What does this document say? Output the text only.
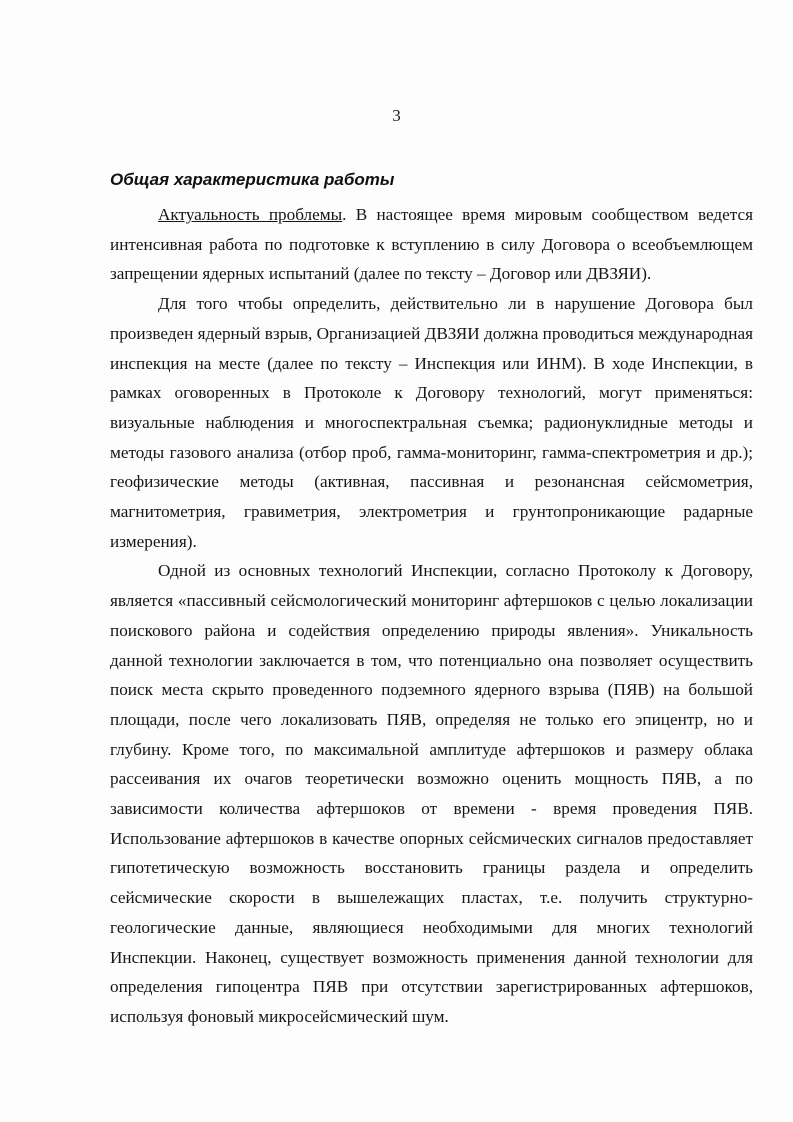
3
Общая характеристика работы

Актуальность проблемы. В настоящее время мировым сообществом ведется интенсивная работа по подготовке к вступлению в силу Договора о всеобъемлющем запрещении ядерных испытаний (далее по тексту – Договор или ДВЗЯИ).

Для того чтобы определить, действительно ли в нарушение Договора был произведен ядерный взрыв, Организацией ДВЗЯИ должна проводиться международная инспекция на месте (далее по тексту – Инспекция или ИНМ). В ходе Инспекции, в рамках оговоренных в Протоколе к Договору технологий, могут применяться: визуальные наблюдения и многоспектральная съемка; радионуклидные методы и методы газового анализа (отбор проб, гамма-мониторинг, гамма-спектрометрия и др.); геофизические методы (активная, пассивная и резонансная сейсмометрия, магнитометрия, гравиметрия, электрометрия и грунтопроникающие радарные измерения).

Одной из основных технологий Инспекции, согласно Протоколу к Договору, является «пассивный сейсмологический мониторинг афтершоков с целью локализации поискового района и содействия определению природы явления». Уникальность данной технологии заключается в том, что потенциально она позволяет осуществить поиск места скрыто проведенного подземного ядерного взрыва (ПЯВ) на большой площади, после чего локализовать ПЯВ, определяя не только его эпицентр, но и глубину. Кроме того, по максимальной амплитуде афтершоков и размеру облака рассеивания их очагов теоретически возможно оценить мощность ПЯВ, а по зависимости количества афтершоков от времени - время проведения ПЯВ. Использование афтершоков в качестве опорных сейсмических сигналов предоставляет гипотетическую возможность восстановить границы раздела и определить сейсмические скорости в вышележащих пластах, т.е. получить структурно-геологические данные, являющиеся необходимыми для многих технологий Инспекции. Наконец, существует возможность применения данной технологии для определения гипоцентра ПЯВ при отсутствии зарегистрированных афтершоков, используя фоновый микросейсмический шум.
